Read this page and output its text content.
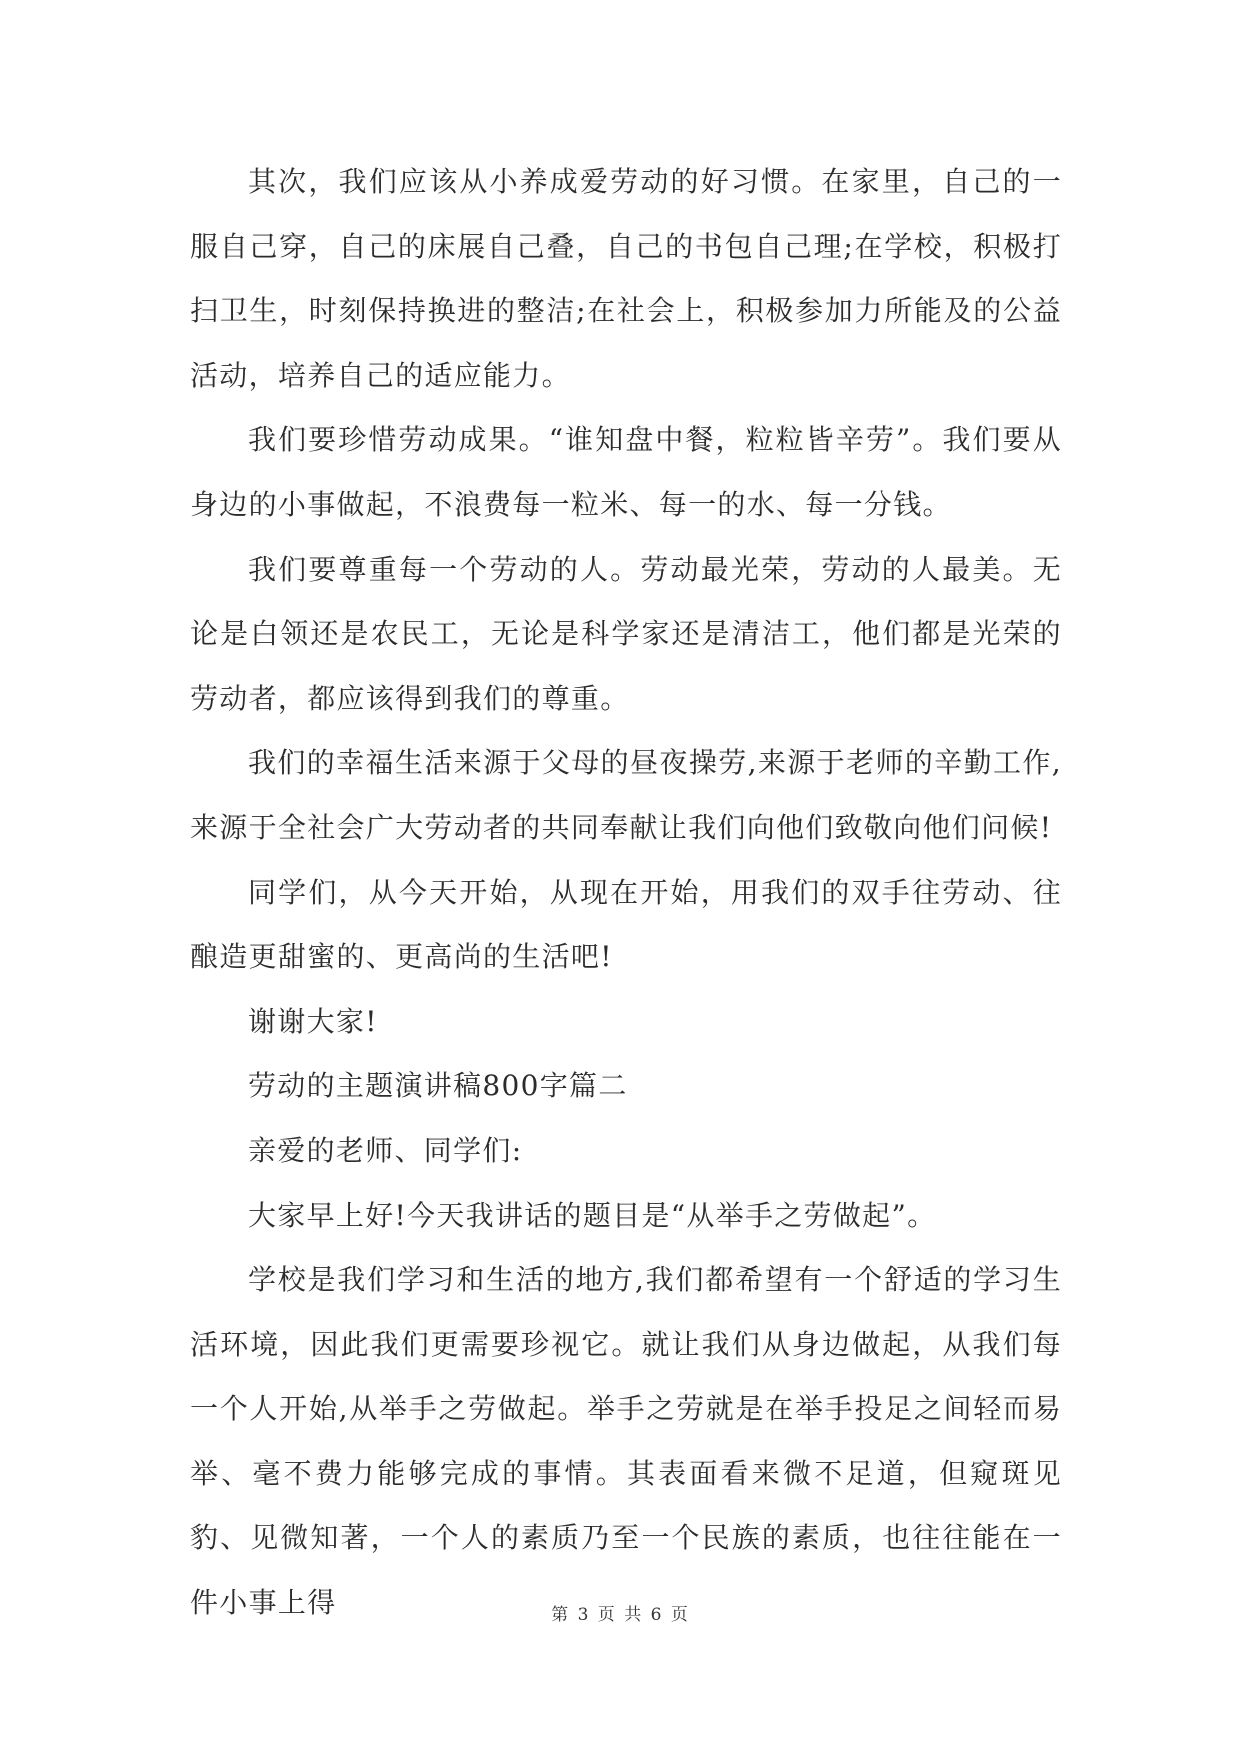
其次，我们应该从小养成爱劳动的好习惯。在家里，自己的一服自己穿，自己的床展自己叠，自己的书包自己理;在学校，积极打扫卫生，时刻保持换进的整洁;在社会上，积极参加力所能及的公益活动，培养自己的适应能力。

我们要珍惜劳动成果。“谁知盘中餐，粒粒皆辛劳”。我们要从身边的小事做起，不浪费每一粒米、每一的水、每一分钱。

我们要尊重每一个劳动的人。劳动最光荣，劳动的人最美。无论是白领还是农民工，无论是科学家还是清洁工，他们都是光荣的劳动者，都应该得到我们的尊重。

我们的幸福生活来源于父母的昼夜操劳,来源于老师的辛勤工作,来源于全社会广大劳动者的共同奉献让我们向他们致敬向他们问候!

同学们，从今天开始，从现在开始，用我们的双手往劳动、往酿造更甜蜜的、更高尚的生活吧!

谢谢大家!

劳动的主题演讲稿800字篇二

亲爱的老师、同学们:

大家早上好!今天我讲话的题目是“从举手之劳做起”。

学校是我们学习和生活的地方,我们都希望有一个舒适的学习生活环境，因此我们更需要珍视它。就让我们从身边做起，从我们每一个人开始,从举手之劳做起。举手之劳就是在举手投足之间轻而易举、毫不费力能够完成的事情。其表面看来微不足道，但窥斑见豹、见微知著，一个人的素质乃至一个民族的素质，也往往能在一件小事上得	第 3 页 共 6 页
